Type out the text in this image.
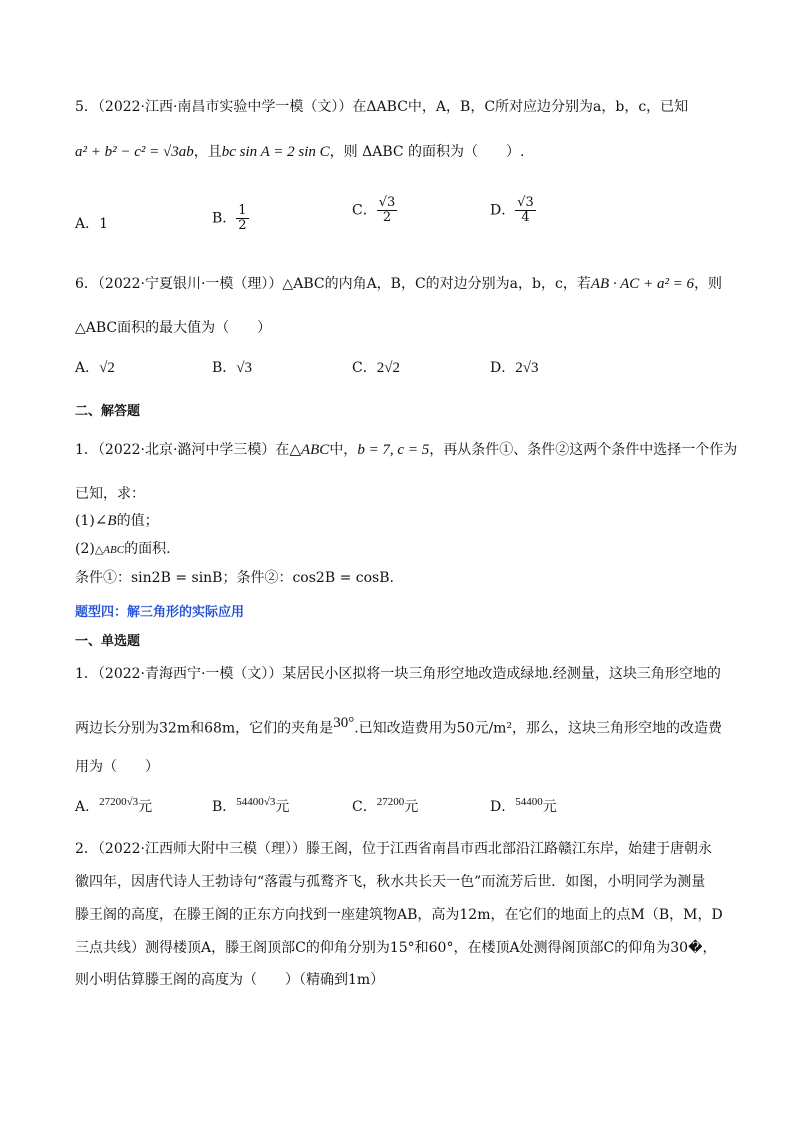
5．（2022·江西·南昌市实验中学一模（文））在ΔABC中，A，B，C所对应边分别为a，b，c，已知
a² + b² − c² = √3ab，且bc sin A = 2 sin C，则 ΔABC 的面积为（　　）.
A．1	B． $\frac{1}{2}$	C． $\frac{√3}{2}$	D． $\frac{√3}{4}$
6．（2022·宁夏银川·一模（理））△ABC的内角A，B，C的对边分别为a，b，c，若AB · AC + a² = 6，则
△ABC面积的最大值为（　　）
A．√2	B．√3	C．2√2	D．2√3
二、解答题
1．（2022·北京·潞河中学三模）在△ABC中，b = 7, c = 5，再从条件①、条件②这两个条件中选择一个作为
已知，求：
(1)∠B的值；
(2)△ABC的面积.
条件①：sin2B = sinB；条件②：cos2B = cosB.
题型四：解三角形的实际应用
一、单选题
1．（2022·青海西宁·一模（文））某居民小区拟将一块三角形空地改造成绿地.经测量，这块三角形空地的
两边长分别为32m和68m，它们的夹角是$^{30^\circ}$.已知改造费用为50元/m²，那么，这块三角形空地的改造费
用为（　　）
A．$^{27200√3}$元	B．$^{54400√3}$元	C．$^{27200}$元	D．$^{54400}$元
2．（2022·江西师大附中三模（理））滕王阁，位于江西省南昌市西北部沿江路赣江东岸，始建于唐朝永
徽四年，因唐代诗人王勃诗句“落霞与孤鹜齐飞，秋水共长天一色”而流芳后世．如图，小明同学为测量
滕王阁的高度，在滕王阁的正东方向找到一座建筑物AB，高为12m，在它们的地面上的点M（B，M，D
三点共线）测得楼顶A，滕王阁顶部C的仰角分别为15°和60°，在楼顶A处测得阁顶部C的仰角为30�，
则小明估算滕王阁的高度为（　　）（精确到1m）
